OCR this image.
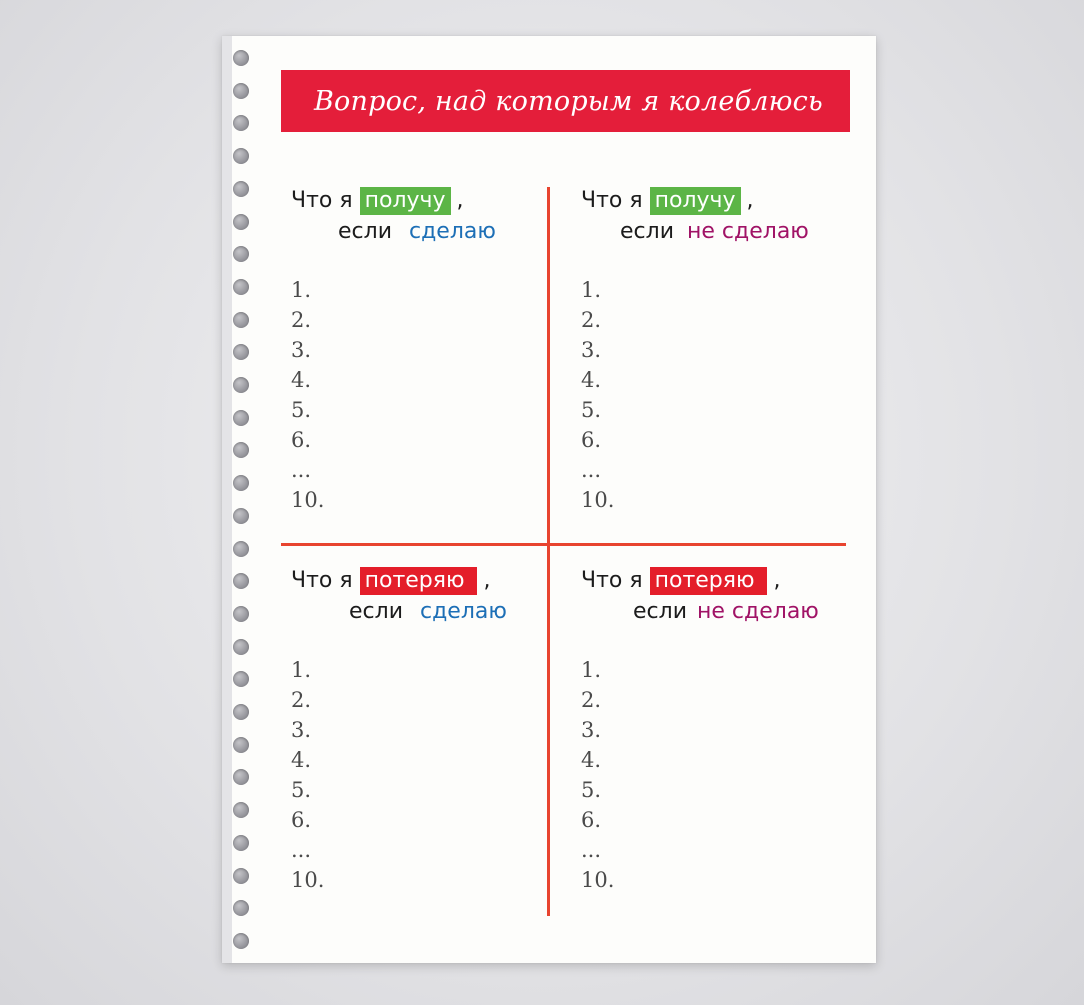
Вопрос, над которым я колеблюсь
Что я получу ,
если сделаю
1.
2.
3.
4.
5.
6.
...
10.
Что я получу ,
если не сделаю
1.
2.
3.
4.
5.
6.
...
10.
Что я потеряю ,
если сделаю
1.
2.
3.
4.
5.
6.
...
10.
Что я потеряю ,
если не сделаю
1.
2.
3.
4.
5.
6.
...
10.
